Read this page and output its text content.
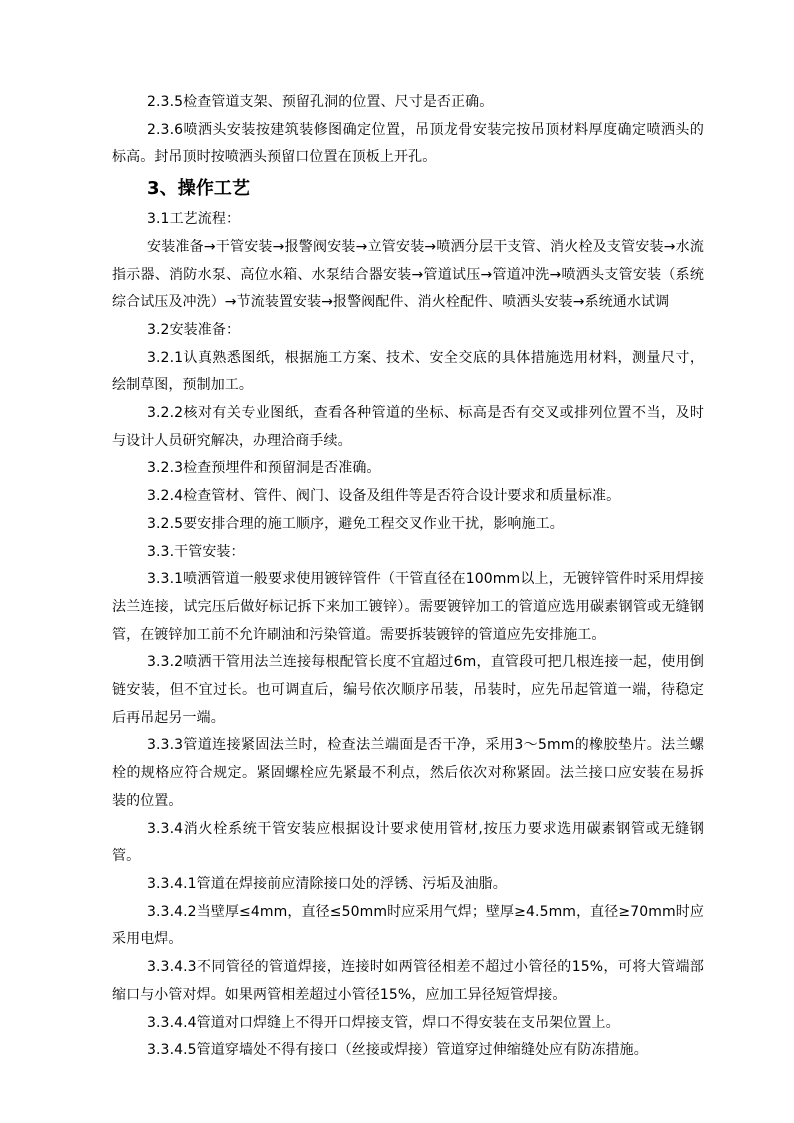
2.3.5检查管道支架、预留孔洞的位置、尺寸是否正确。

2.3.6喷洒头安装按建筑装修图确定位置，吊顶龙骨安装完按吊顶材料厚度确定喷洒头的标高。封吊顶时按喷洒头预留口位置在顶板上开孔。

3、操作工艺

3.1工艺流程：

安装准备→干管安装→报警阀安装→立管安装→喷洒分层干支管、消火栓及支管安装→水流指示器、消防水泵、高位水箱、水泵结合器安装→管道试压→管道冲洗→喷洒头支管安装（系统综合试压及冲洗）→节流装置安装→报警阀配件、消火栓配件、喷洒头安装→系统通水试调

3.2安装准备：

3.2.1认真熟悉图纸，根据施工方案、技术、安全交底的具体措施选用材料，测量尺寸，绘制草图，预制加工。

3.2.2核对有关专业图纸，查看各种管道的坐标、标高是否有交叉或排列位置不当，及时与设计人员研究解决，办理洽商手续。

3.2.3检查预埋件和预留洞是否准确。

3.2.4检查管材、管件、阀门、设备及组件等是否符合设计要求和质量标准。

3.2.5要安排合理的施工顺序，避免工程交叉作业干扰，影响施工。

3.3.干管安装：

3.3.1喷洒管道一般要求使用镀锌管件（干管直径在100mm以上，无镀锌管件时采用焊接法兰连接，试完压后做好标记拆下来加工镀锌）。需要镀锌加工的管道应选用碳素钢管或无缝钢管，在镀锌加工前不允许刷油和污染管道。需要拆装镀锌的管道应先安排施工。

3.3.2喷洒干管用法兰连接每根配管长度不宜超过6m，直管段可把几根连接一起，使用倒链安装，但不宜过长。也可调直后，编号依次顺序吊装，吊装时，应先吊起管道一端，待稳定后再吊起另一端。

3.3.3管道连接紧固法兰时，检查法兰端面是否干净，采用3～5mm的橡胶垫片。法兰螺栓的规格应符合规定。紧固螺栓应先紧最不利点，然后依次对称紧固。法兰接口应安装在易拆装的位置。

3.3.4消火栓系统干管安装应根据设计要求使用管材,按压力要求选用碳素钢管或无缝钢管。

3.3.4.1管道在焊接前应清除接口处的浮锈、污垢及油脂。

3.3.4.2当壁厚≤4mm，直径≤50mm时应采用气焊；壁厚≥4.5mm，直径≥70mm时应采用电焊。

3.3.4.3不同管径的管道焊接，连接时如两管径相差不超过小管径的15%，可将大管端部缩口与小管对焊。如果两管相差超过小管径15%，应加工异径短管焊接。

3.3.4.4管道对口焊缝上不得开口焊接支管，焊口不得安装在支吊架位置上。

3.3.4.5管道穿墙处不得有接口（丝接或焊接）管道穿过伸缩缝处应有防冻措施。
